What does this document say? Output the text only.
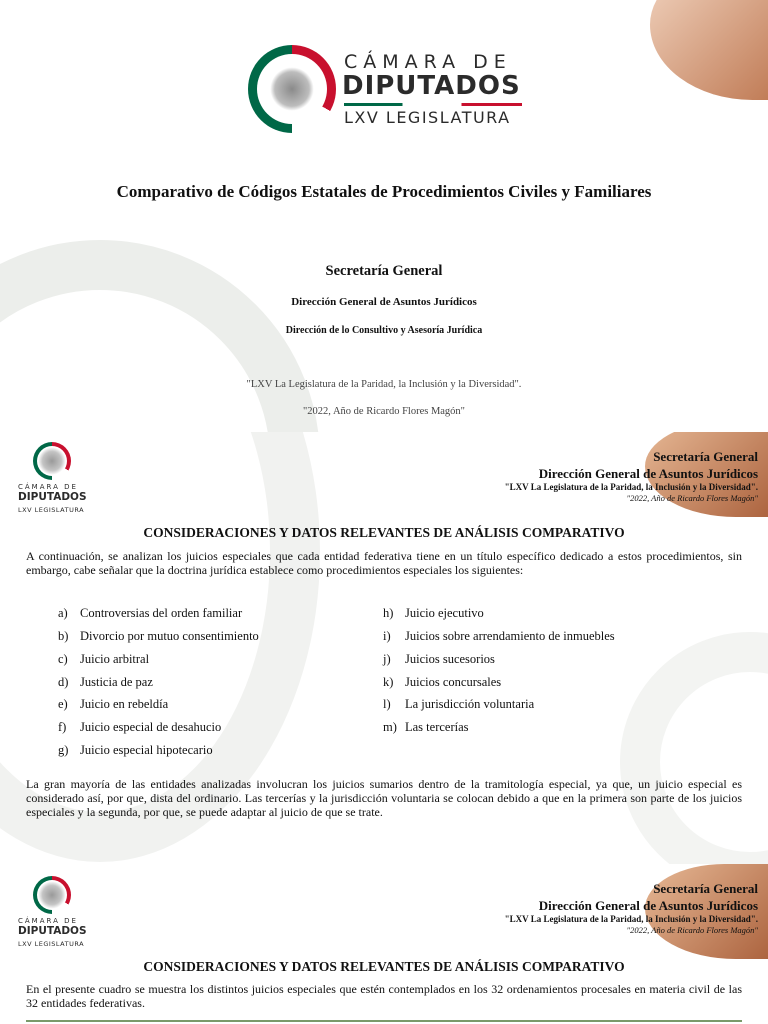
CÁMARA DE
DIPUTADOS
LXV LEGISLATURA
Comparativo de Códigos Estatales de Procedimientos Civiles y Familiares
Secretaría General
Dirección General de Asuntos Jurídicos
Dirección de lo Consultivo y Asesoría Jurídica
"LXV La Legislatura de la Paridad, la Inclusión y la Diversidad".
"2022, Año de Ricardo Flores Magón"
CÁMARA DE
DIPUTADOS
LXV LEGISLATURA
Secretaría General
Dirección General de Asuntos Jurídicos
"LXV La Legislatura de la Paridad, la Inclusión y la Diversidad".
"2022, Año de Ricardo Flores Magón"
CONSIDERACIONES Y DATOS RELEVANTES DE ANÁLISIS COMPARATIVO
A continuación, se analizan los juicios especiales que cada entidad federativa tiene en un título específico dedicado a estos procedimientos, sin embargo, cabe señalar que la doctrina jurídica establece como procedimientos especiales los siguientes:
a) Controversias del orden familiar
b) Divorcio por mutuo consentimiento
c) Juicio arbitral
d) Justicia de paz
e) Juicio en rebeldía
f) Juicio especial de desahucio
g) Juicio especial hipotecario
h) Juicio ejecutivo
i) Juicios sobre arrendamiento de inmuebles
j) Juicios sucesorios
k) Juicios concursales
l) La jurisdicción voluntaria
m) Las tercerías
La gran mayoría de las entidades analizadas involucran los juicios sumarios dentro de la tramitología especial, ya que, un juicio especial es considerado así, por que, dista del ordinario. Las tercerías y la jurisdicción voluntaria se colocan debido a que en la primera son parte de los juicios especiales y la segunda, por que, se puede adaptar al juicio de que se trate.
CÁMARA DE
DIPUTADOS
LXV LEGISLATURA
Secretaría General
Dirección General de Asuntos Jurídicos
"LXV La Legislatura de la Paridad, la Inclusión y la Diversidad".
"2022, Año de Ricardo Flores Magón"
CONSIDERACIONES Y DATOS RELEVANTES DE ANÁLISIS COMPARATIVO
En el presente cuadro se muestra los distintos juicios especiales que estén contemplados en los 32 ordenamientos procesales en materia civil de las 32 entidades federativas.
